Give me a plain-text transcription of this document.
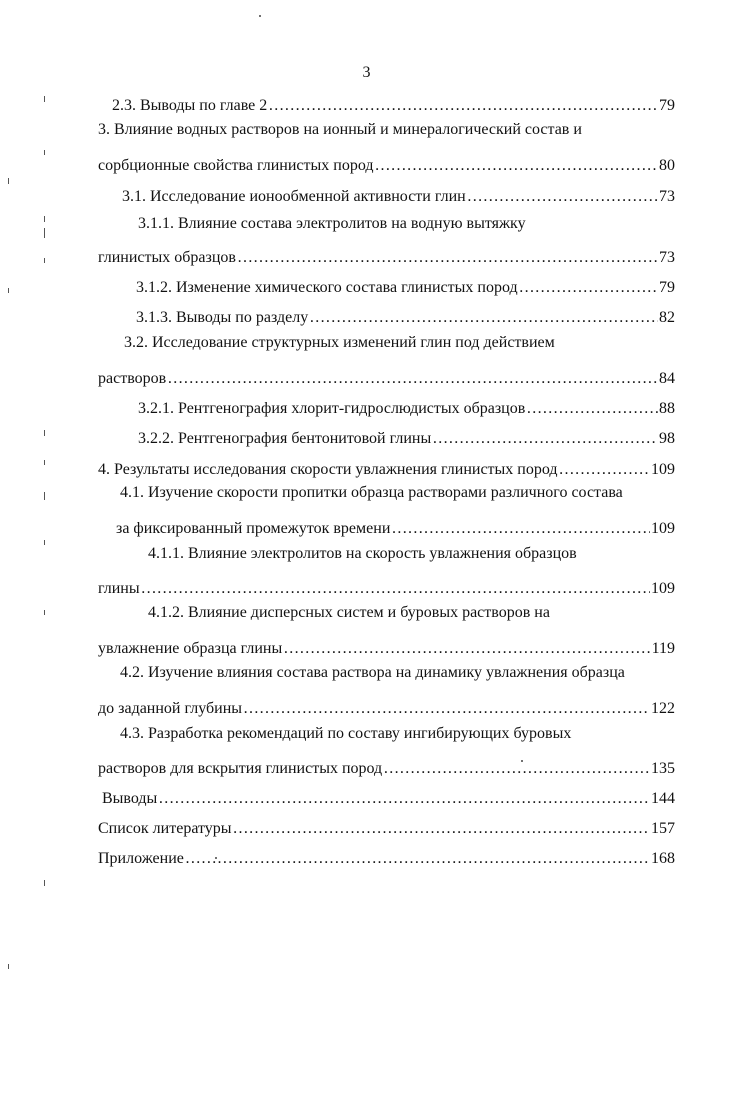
3
2.3. Выводы по главе 2 ……………………………………………………………………………………………………………………………………………………………………………………………………	79
3. Влияние водных растворов на ионный и минералогический состав и
сорбционные свойства глинистых пород ……………………………………………………………………………………………………………………………………………………………………………………………………	80
3.1. Исследование ионообменной активности глин ……………………………………………………………………………………………………………………………………………………………………………………………………	73
3.1.1. Влияние состава электролитов на водную вытяжку
глинистых образцов ……………………………………………………………………………………………………………………………………………………………………………………………………	73
3.1.2. Изменение химического состава глинистых пород ……………………………………………………………………………………………………………………………………………………………………………………………………	79
3.1.3. Выводы по разделу ……………………………………………………………………………………………………………………………………………………………………………………………………	82
3.2. Исследование структурных изменений глин под действием
растворов ……………………………………………………………………………………………………………………………………………………………………………………………………	84
3.2.1. Рентгенография хлорит-гидрослюдистых образцов ……………………………………………………………………………………………………………………………………………………………………………………………………	88
3.2.2. Рентгенография бентонитовой глины ……………………………………………………………………………………………………………………………………………………………………………………………………	98
4. Результаты исследования скорости увлажнения глинистых пород ……………………………………………………………………………………………………………………………………………………………………………………………………	109
4.1. Изучение скорости пропитки образца растворами различного состава
за фиксированный промежуток времени ……………………………………………………………………………………………………………………………………………………………………………………………………	109
4.1.1. Влияние электролитов на скорость увлажнения образцов
глины ……………………………………………………………………………………………………………………………………………………………………………………………………	109
4.1.2. Влияние дисперсных систем и буровых растворов на
увлажнение образца глины ……………………………………………………………………………………………………………………………………………………………………………………………………	119
4.2. Изучение влияния состава раствора на динамику увлажнения образца
до заданной глубины ……………………………………………………………………………………………………………………………………………………………………………………………………	122
4.3. Разработка рекомендаций по составу ингибирующих буровых
растворов для вскрытия глинистых пород ……………………………………………………………………………………………………………………………………………………………………………………………………	135
Выводы ……………………………………………………………………………………………………………………………………………………………………………………………………	144
Список литературы ……………………………………………………………………………………………………………………………………………………………………………………………………	157
Приложение ……………………………………………………………………………………………………………………………………………………………………………………………………	168
